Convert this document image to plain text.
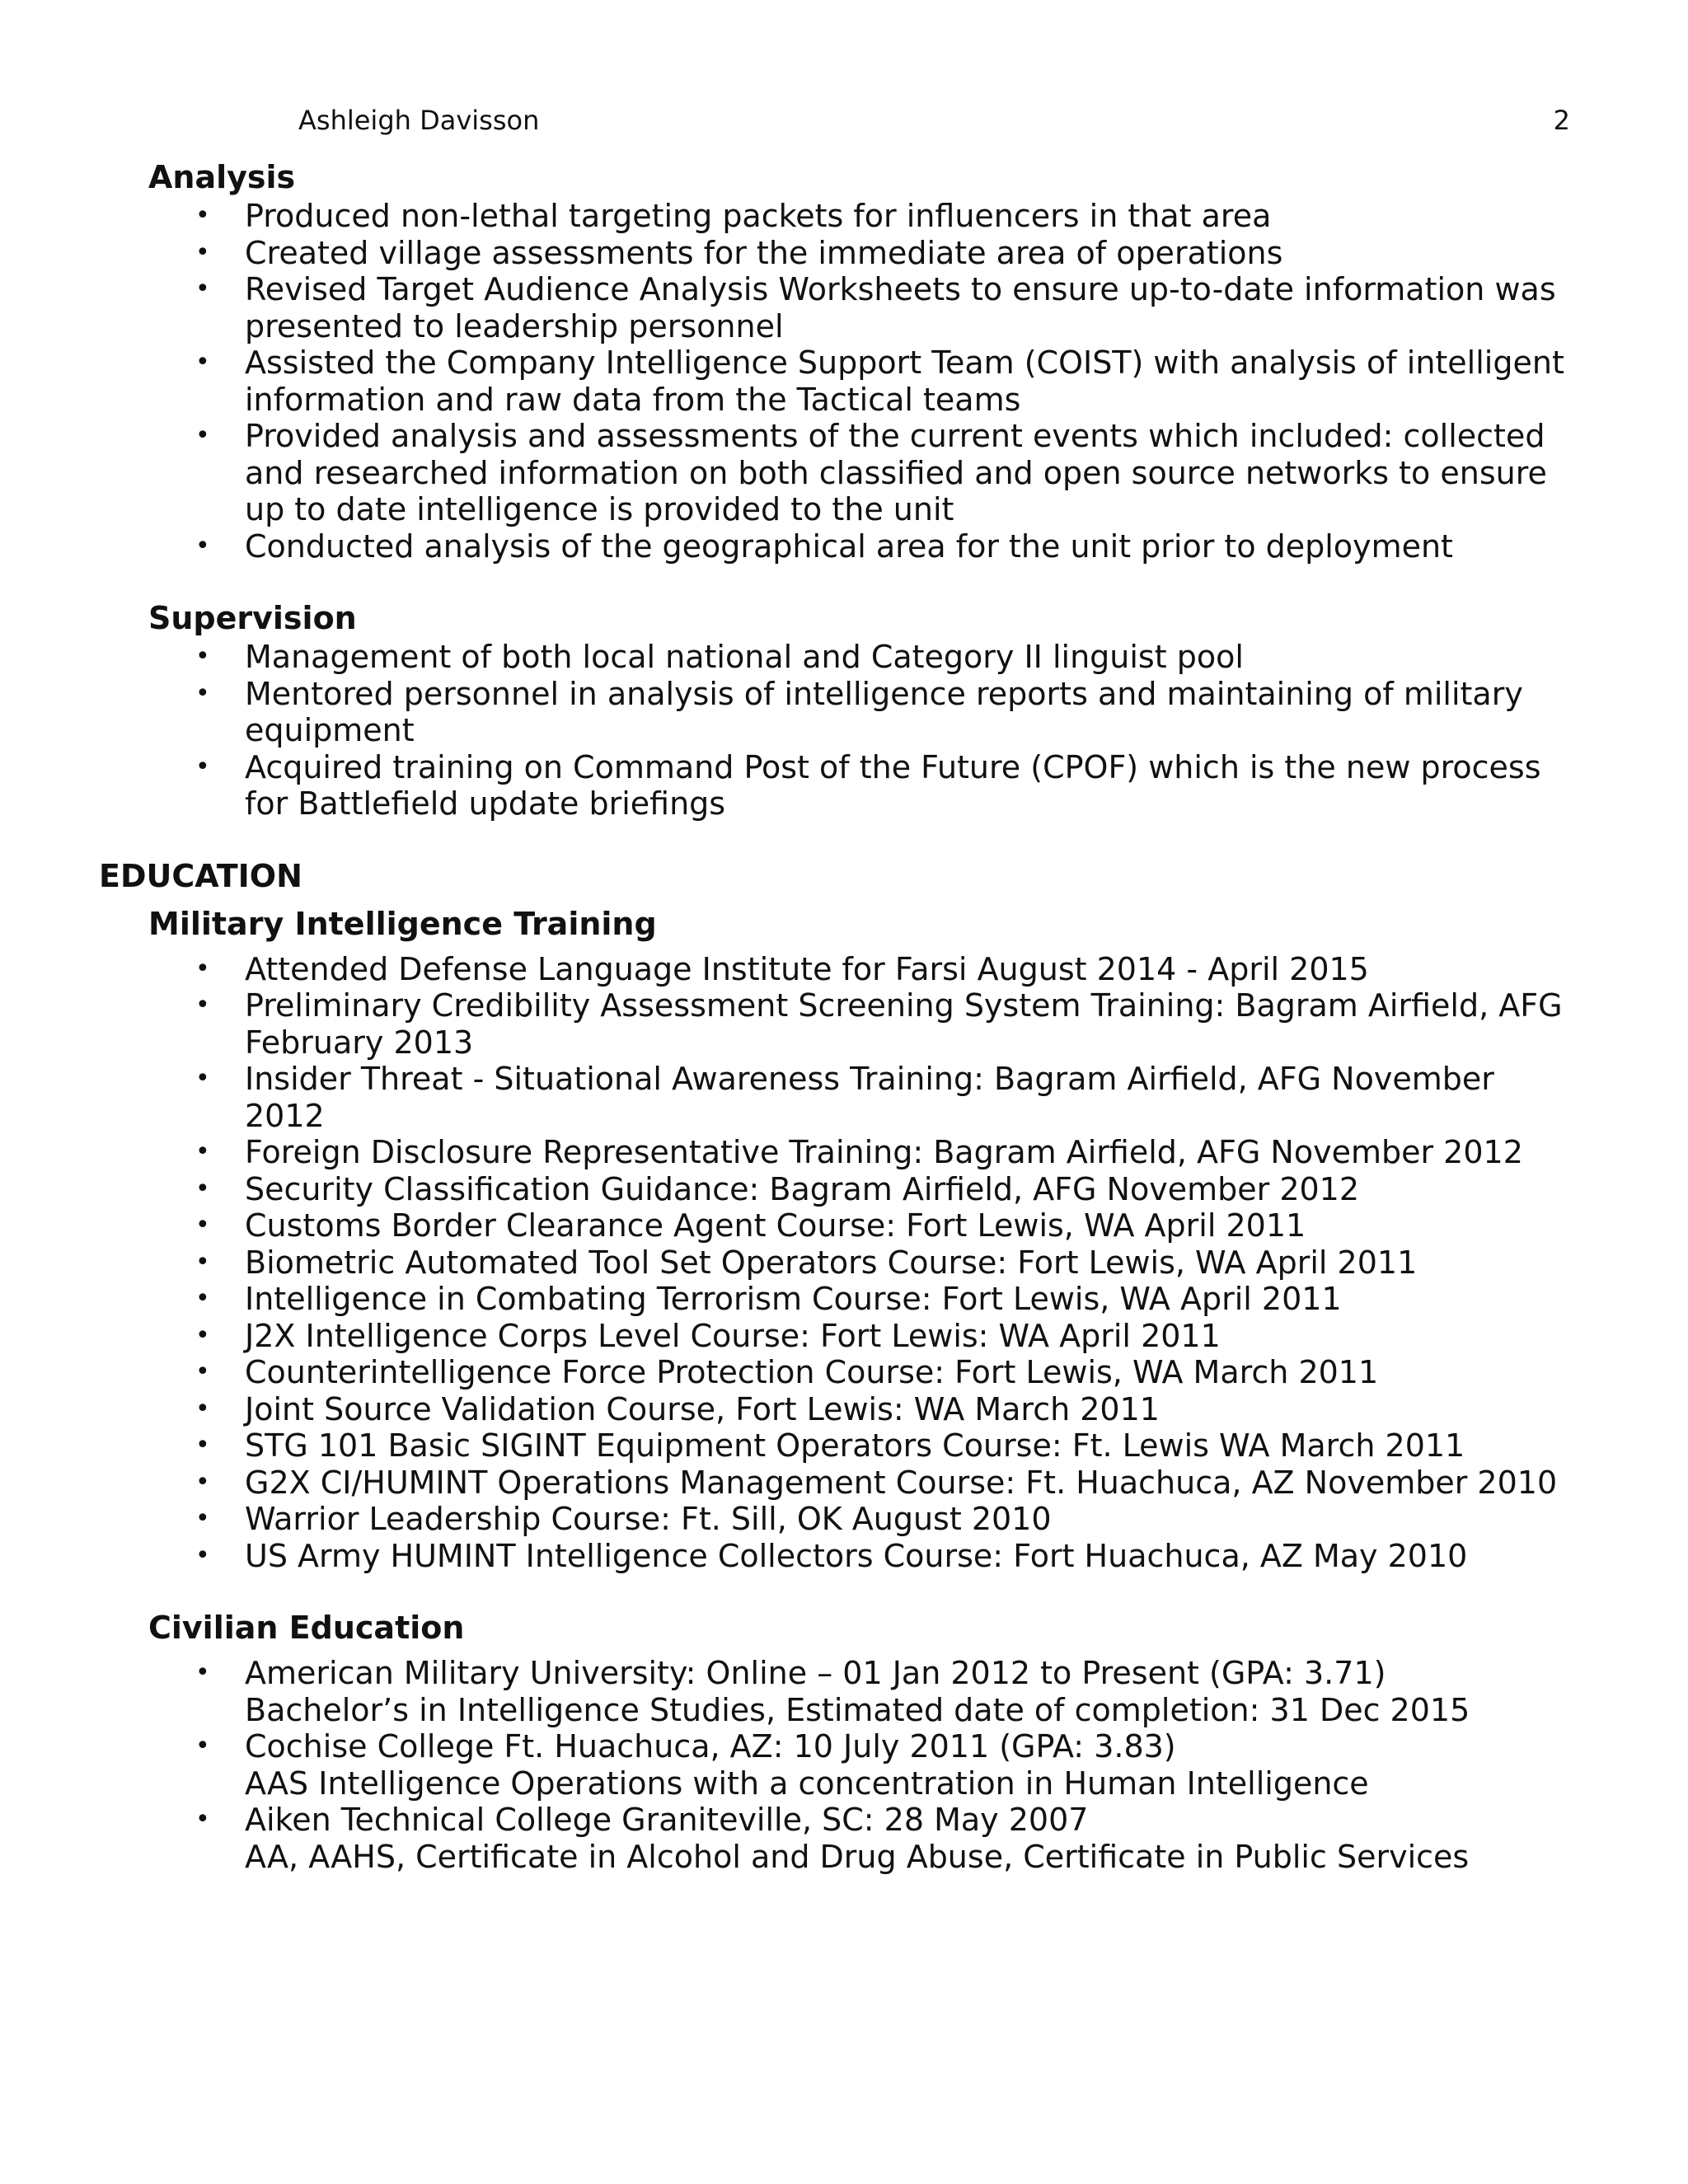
Ashleigh Davisson	2
Analysis
• Produced non-lethal targeting packets for influencers in that area
• Created village assessments for the immediate area of operations
• Revised Target Audience Analysis Worksheets to ensure up-to-date information was presented to leadership personnel
• Assisted the Company Intelligence Support Team (COIST) with analysis of intelligent information and raw data from the Tactical teams
• Provided analysis and assessments of the current events which included: collected and researched information on both classified and open source networks to ensure up to date intelligence is provided to the unit
• Conducted analysis of the geographical area for the unit prior to deployment
Supervision
• Management of both local national and Category II linguist pool
• Mentored personnel in analysis of intelligence reports and maintaining of military equipment
• Acquired training on Command Post of the Future (CPOF) which is the new process for Battlefield update briefings
EDUCATION
Military Intelligence Training
• Attended Defense Language Institute for Farsi August 2014 - April 2015
• Preliminary Credibility Assessment Screening System Training: Bagram Airfield, AFG February 2013
• Insider Threat - Situational Awareness Training: Bagram Airfield, AFG November 2012
• Foreign Disclosure Representative Training: Bagram Airfield, AFG November 2012
• Security Classification Guidance: Bagram Airfield, AFG November 2012
• Customs Border Clearance Agent Course: Fort Lewis, WA April 2011
• Biometric Automated Tool Set Operators Course: Fort Lewis, WA April 2011
• Intelligence in Combating Terrorism Course: Fort Lewis, WA April 2011
• J2X Intelligence Corps Level Course: Fort Lewis: WA April 2011
• Counterintelligence Force Protection Course: Fort Lewis, WA March 2011
• Joint Source Validation Course, Fort Lewis: WA March 2011
• STG 101 Basic SIGINT Equipment Operators Course: Ft. Lewis WA March 2011
• G2X CI/HUMINT Operations Management Course: Ft. Huachuca, AZ November 2010
• Warrior Leadership Course: Ft. Sill, OK August 2010
• US Army HUMINT Intelligence Collectors Course: Fort Huachuca, AZ May 2010
Civilian Education
• American Military University: Online – 01 Jan 2012 to Present (GPA: 3.71)
Bachelor’s in Intelligence Studies, Estimated date of completion: 31 Dec 2015
• Cochise College Ft. Huachuca, AZ: 10 July 2011 (GPA: 3.83)
AAS Intelligence Operations with a concentration in Human Intelligence
• Aiken Technical College Graniteville, SC: 28 May 2007
AA, AAHS, Certificate in Alcohol and Drug Abuse, Certificate in Public Services
